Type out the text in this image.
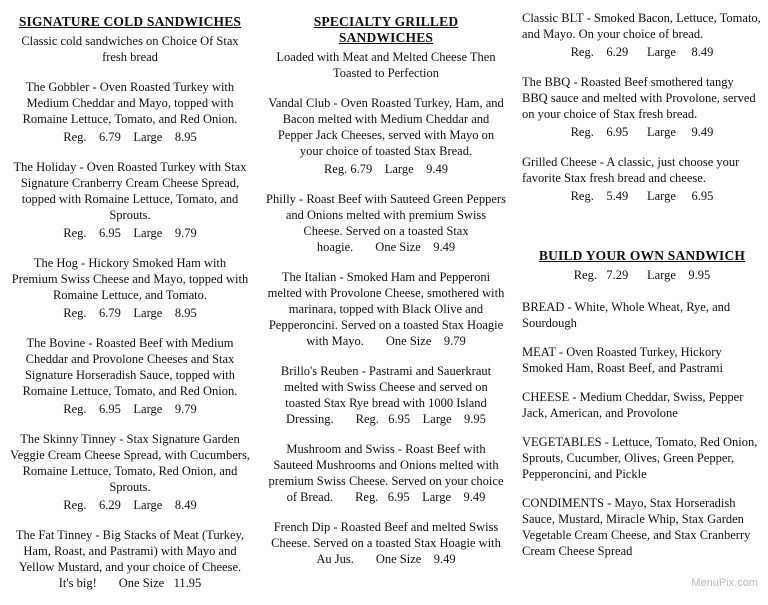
SIGNATURE COLD SANDWICHES

Classic cold sandwiches on Choice Of Stax fresh bread

The Gobbler - Oven Roasted Turkey with Medium Cheddar and Mayo, topped with Romaine Lettuce, Tomato, and Red Onion.

Reg.    6.79    Large    8.95

The Holiday - Oven Roasted Turkey with Stax Signature Cranberry Cream Cheese Spread, topped with Romaine Lettuce, Tomato, and Sprouts.

Reg.    6.95    Large    9.79

The Hog - Hickory Smoked Ham with Premium Swiss Cheese and Mayo, topped with Romaine Lettuce, and Tomato.

Reg.    6.79    Large    8.95

The Bovine - Roasted Beef with Medium Cheddar and Provolone Cheeses and Stax Signature Horseradish Sauce, topped with Romaine Lettuce, Tomato, and Red Onion.

Reg.    6.95    Large    9.79

The Skinny Tinney - Stax Signature Garden Veggie Cream Cheese Spread, with Cucumbers, Romaine Lettuce, Tomato, Red Onion, and Sprouts.

Reg.    6.29    Large    8.49

The Fat Tinney - Big Stacks of Meat (Turkey, Ham, Roast, and Pastrami) with Mayo and Yellow Mustard, and your choice of Cheese. It's big! One Size   11.95

SPECIALTY GRILLED SANDWICHES

Loaded with Meat and Melted Cheese Then Toasted to Perfection

Vandal Club - Oven Roasted Turkey, Ham, and Bacon melted with Medium Cheddar and Pepper Jack Cheeses, served with Mayo on your choice of toasted Stax Bread.

Reg. 6.79    Large    9.49

Philly - Roast Beef with Sauteed Green Peppers and Onions melted with premium Swiss Cheese. Served on a toasted Stax hoagie. One Size    9.49

The Italian - Smoked Ham and Pepperoni melted with Provolone Cheese, smothered with marinara, topped with Black Olive and Pepperoncini. Served on a toasted Stax Hoagie with Mayo. One Size    9.79

Brillo's Reuben - Pastrami and Sauerkraut melted with Swiss Cheese and served on toasted Stax Rye bread with 1000 Island Dressing. Reg.   6.95    Large    9.95

Mushroom and Swiss - Roast Beef with Sauteed Mushrooms and Onions melted with premium Swiss Cheese. Served on your choice of Bread. Reg.   6.95    Large    9.49

French Dip - Roasted Beef and melted Swiss Cheese. Served on a toasted Stax Hoagie with Au Jus. One Size    9.49

Classic BLT - Smoked Bacon, Lettuce, Tomato, and Mayo. On your choice of bread.

Reg.    6.29      Large     8.49

The BBQ - Roasted Beef smothered tangy BBQ sauce and melted with Provolone, served on your choice of Stax fresh bread.

Reg.    6.95      Large     9.49

Grilled Cheese - A classic, just choose your favorite Stax fresh bread and cheese.

Reg.    5.49      Large     6.95

BUILD YOUR OWN SANDWICH

Reg.   7.29      Large    9.95

BREAD - White, Whole Wheat, Rye, and Sourdough

MEAT - Oven Roasted Turkey, Hickory Smoked Ham, Roast Beef, and Pastrami

CHEESE - Medium Cheddar, Swiss, Pepper Jack, American, and Provolone

VEGETABLES - Lettuce, Tomato, Red Onion, Sprouts, Cucumber, Olives, Green Pepper, Pepperoncini, and Pickle

CONDIMENTS - Mayo, Stax Horseradish Sauce, Mustard, Miracle Whip, Stax Garden Vegetable Cream Cheese, and Stax Cranberry Cream Cheese Spread

MenuPix.com
